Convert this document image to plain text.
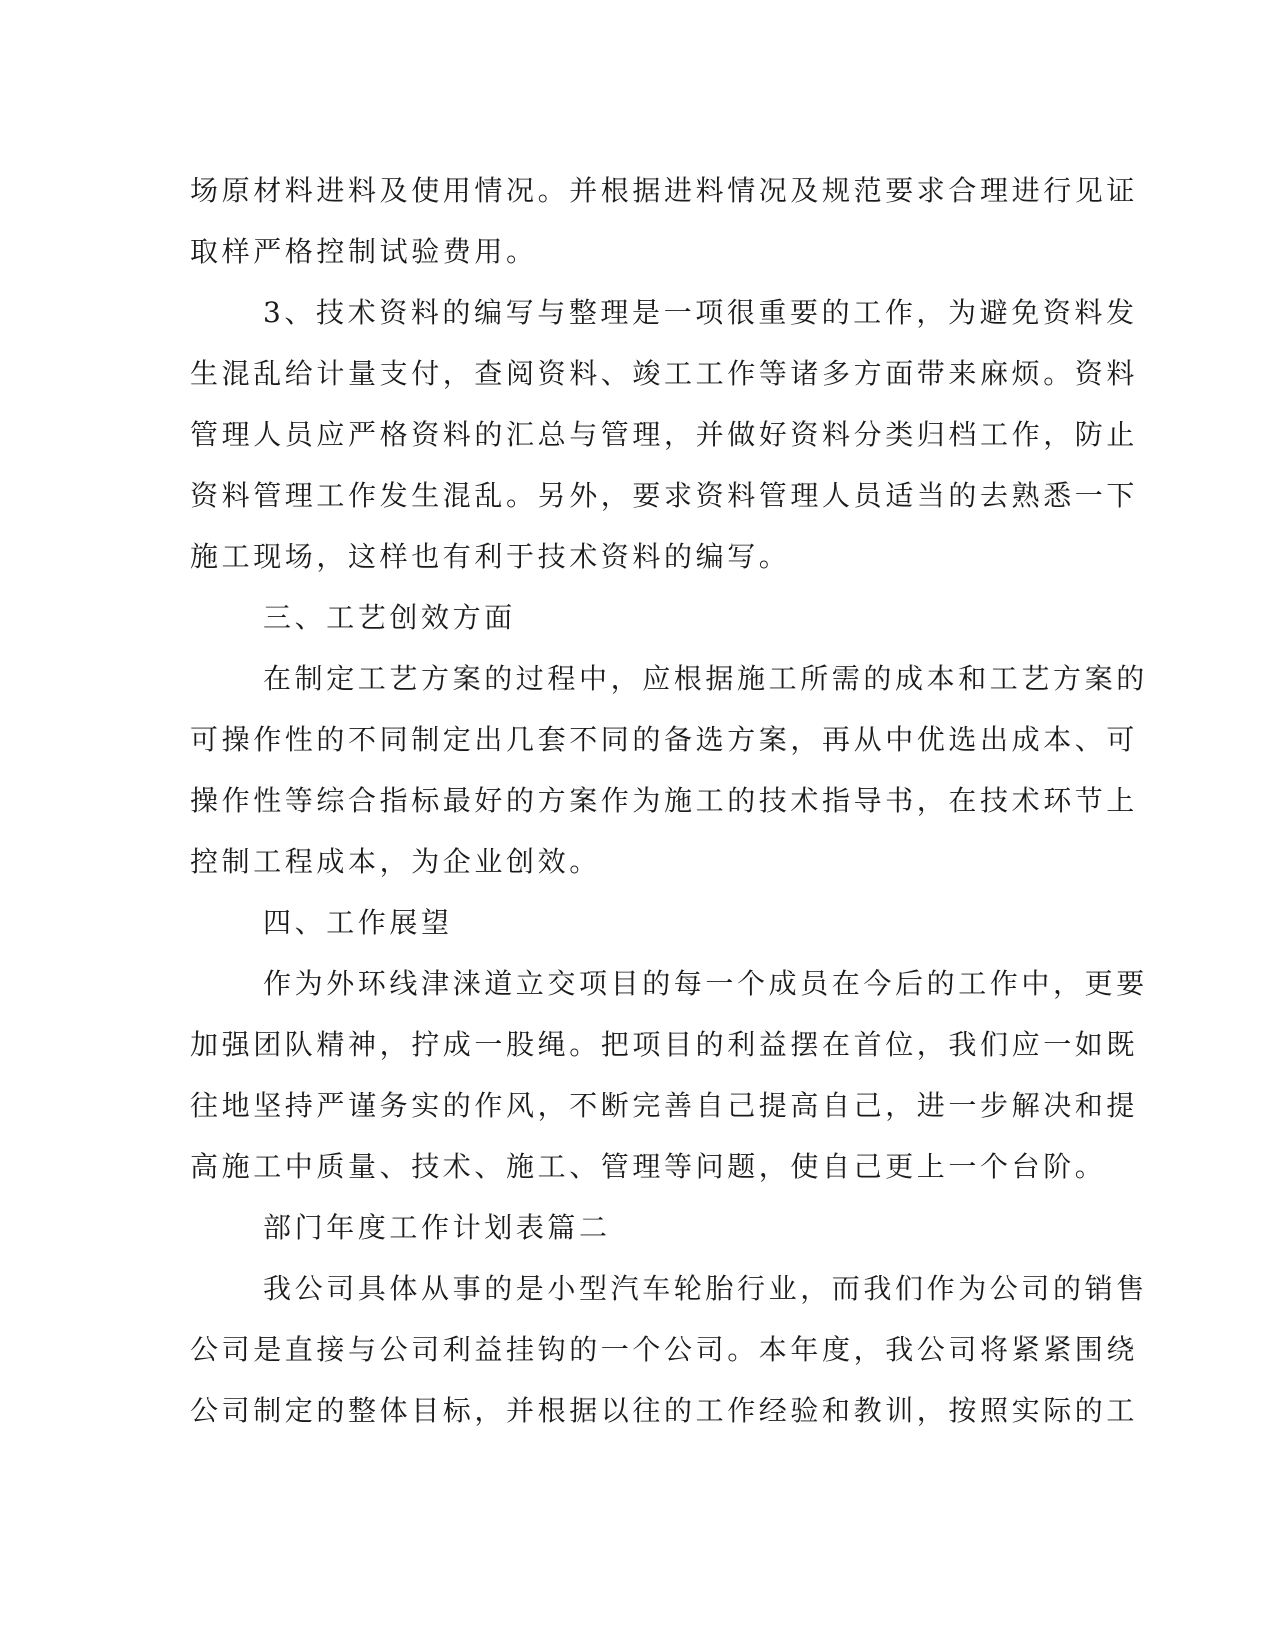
场原材料进料及使用情况。并根据进料情况及规范要求合理进行见证
取样严格控制试验费用。
3、技术资料的编写与整理是一项很重要的工作，为避免资料发
生混乱给计量支付，查阅资料、竣工工作等诸多方面带来麻烦。资料
管理人员应严格资料的汇总与管理，并做好资料分类归档工作，防止
资料管理工作发生混乱。另外，要求资料管理人员适当的去熟悉一下
施工现场，这样也有利于技术资料的编写。
三、工艺创效方面
在制定工艺方案的过程中，应根据施工所需的成本和工艺方案的
可操作性的不同制定出几套不同的备选方案，再从中优选出成本、可
操作性等综合指标最好的方案作为施工的技术指导书，在技术环节上
控制工程成本，为企业创效。
四、工作展望
作为外环线津涞道立交项目的每一个成员在今后的工作中，更要
加强团队精神，拧成一股绳。把项目的利益摆在首位，我们应一如既
往地坚持严谨务实的作风，不断完善自己提高自己，进一步解决和提
高施工中质量、技术、施工、管理等问题，使自己更上一个台阶。
部门年度工作计划表篇二
我公司具体从事的是小型汽车轮胎行业，而我们作为公司的销售
公司是直接与公司利益挂钩的一个公司。本年度，我公司将紧紧围绕
公司制定的整体目标，并根据以往的工作经验和教训，按照实际的工
